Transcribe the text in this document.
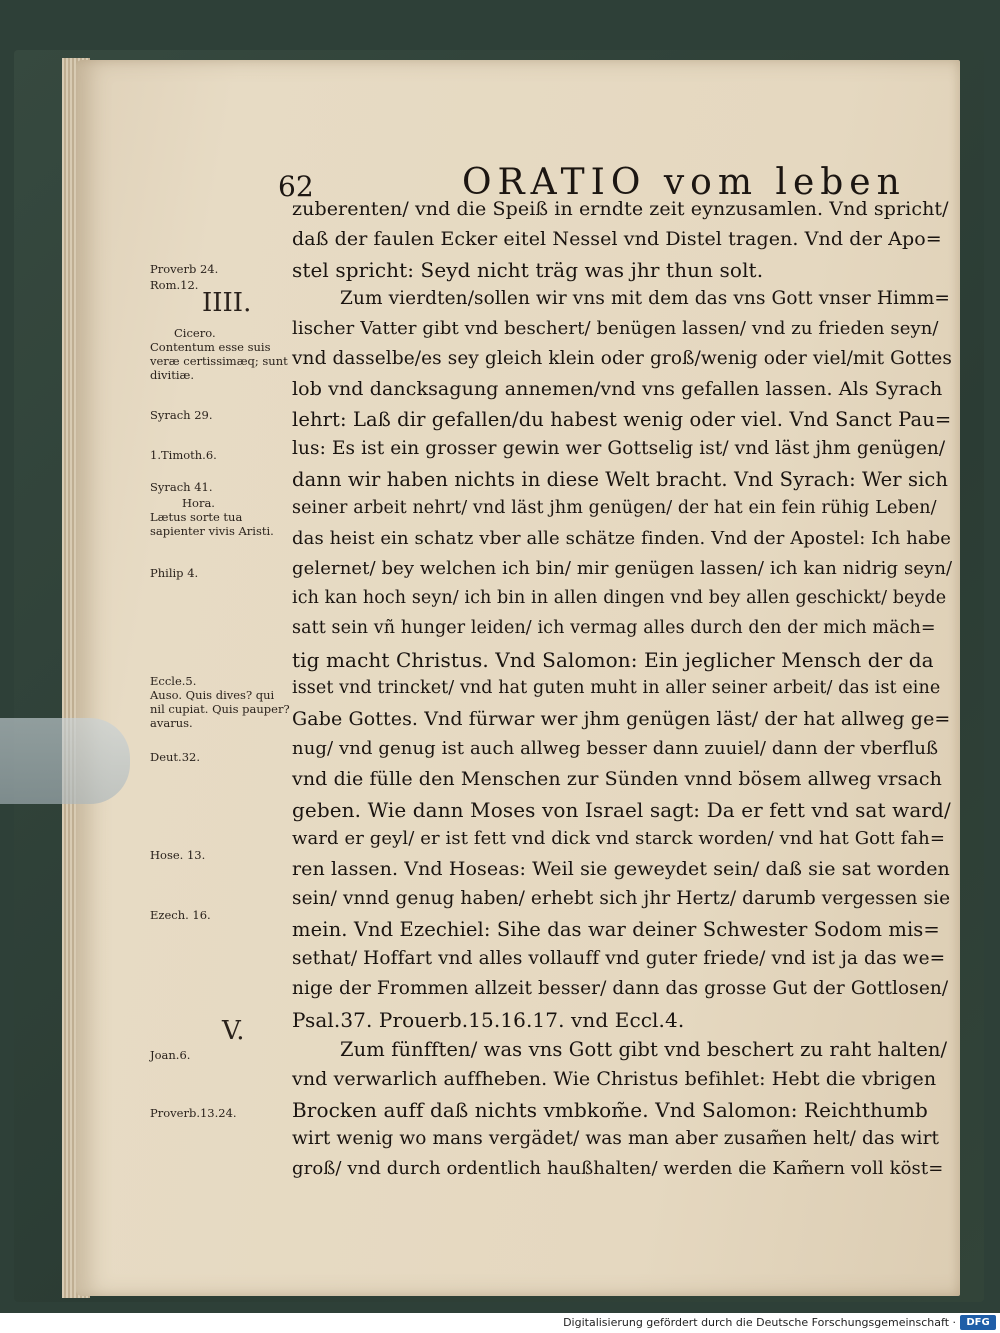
62	ORATIO vom leben
Proverb 24.
Rom.12.
IIII.
Cicero.
Contentum esse suis veræ certissimæq; sunt divitiæ.
Syrach 29.
1.Timoth.6.
Syrach 41.
Hora.
Lætus sorte tua sapienter vivis Aristi.
Philip 4.
Eccle.5.
Auso. Quis dives? qui nil cupiat. Quis pauper? avarus.
Deut.32.
Hose. 13.
Ezech. 16.
V.
Joan.6.
Proverb.13.24.
zuberenten/ vnd die Speiß in erndte zeit eynzusamlen. Vnd spricht/
daß der faulen Ecker eitel Nessel vnd Distel tragen. Vnd der Apo=
stel spricht: Seyd nicht träg was jhr thun solt.
Zum vierdten/sollen wir vns mit dem das vns Gott vnser Himm=
lischer Vatter gibt vnd beschert/ benügen lassen/ vnd zu frieden seyn/
vnd dasselbe/es sey gleich klein oder groß/wenig oder viel/mit Gottes
lob vnd dancksagung annemen/vnd vns gefallen lassen. Als Syrach
lehrt: Laß dir gefallen/du habest wenig oder viel. Vnd Sanct Pau=
lus: Es ist ein grosser gewin wer Gottselig ist/ vnd läst jhm genügen/
dann wir haben nichts in diese Welt bracht. Vnd Syrach: Wer sich
seiner arbeit nehrt/ vnd läst jhm genügen/ der hat ein fein rühig Leben/
das heist ein schatz vber alle schätze finden. Vnd der Apostel: Ich habe
gelernet/ bey welchen ich bin/ mir genügen lassen/ ich kan nidrig seyn/
ich kan hoch seyn/ ich bin in allen dingen vnd bey allen geschickt/ beyde
satt sein vñ hunger leiden/ ich vermag alles durch den der mich mäch=
tig macht Christus. Vnd Salomon: Ein jeglicher Mensch der da
isset vnd trincket/ vnd hat guten muht in aller seiner arbeit/ das ist eine
Gabe Gottes. Vnd fürwar wer jhm genügen läst/ der hat allweg ge=
nug/ vnd genug ist auch allweg besser dann zuuiel/ dann der vberfluß
vnd die fülle den Menschen zur Sünden vnnd bösem allweg vrsach
geben. Wie dann Moses von Israel sagt: Da er fett vnd sat ward/
ward er geyl/ er ist fett vnd dick vnd starck worden/ vnd hat Gott fah=
ren lassen. Vnd Hoseas: Weil sie geweydet sein/ daß sie sat worden
sein/ vnnd genug haben/ erhebt sich jhr Hertz/ darumb vergessen sie
mein. Vnd Ezechiel: Sihe das war deiner Schwester Sodom mis=
sethat/ Hoffart vnd alles vollauff vnd guter friede/ vnd ist ja das we=
nige der Frommen allzeit besser/ dann das grosse Gut der Gottlosen/
Psal.37. Prouerb.15.16.17. vnd Eccl.4.
Zum fünfften/ was vns Gott gibt vnd beschert zu raht halten/
vnd verwarlich auffheben. Wie Christus befihlet: Hebt die vbrigen
Brocken auff daß nichts vmbkom̃e. Vnd Salomon: Reichthumb
wirt wenig wo mans vergädet/ was man aber zusam̃en helt/ das wirt
groß/ vnd durch ordentlich haußhalten/ werden die Kam̃ern voll köst=
Digitalisierung gefördert durch die Deutsche Forschungsgemeinschaft ·	DFG
